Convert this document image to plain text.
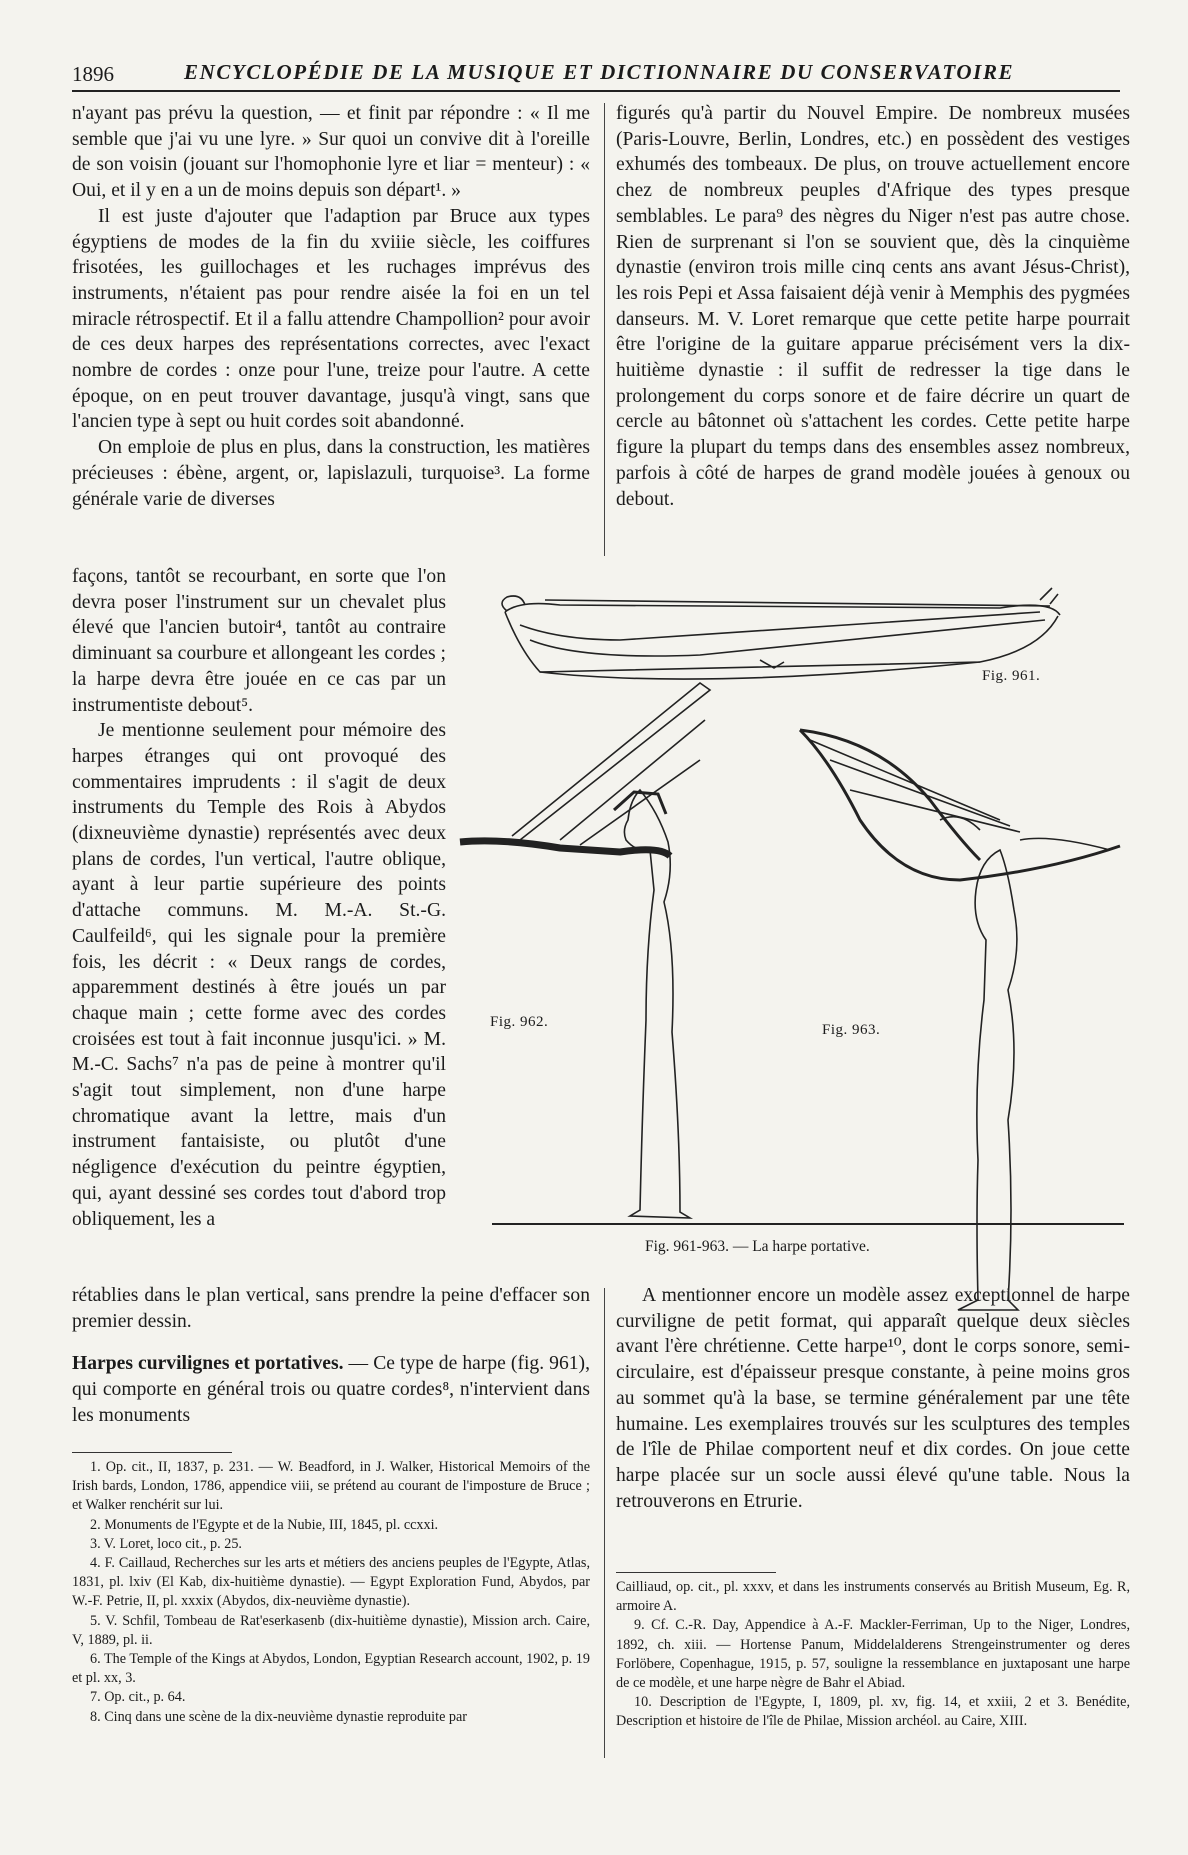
1896	ENCYCLOPÉDIE DE LA MUSIQUE ET DICTIONNAIRE DU CONSERVATOIRE

n'ayant pas prévu la question, — et finit par répondre : « Il me semble que j'ai vu une lyre. » Sur quoi un convive dit à l'oreille de son voisin (jouant sur l'homophonie lyre et liar = menteur) : « Oui, et il y en a un de moins depuis son départ¹. »

Il est juste d'ajouter que l'adaption par Bruce aux types égyptiens de modes de la fin du xviiie siècle, les coiffures frisotées, les guillochages et les ruchages imprévus des instruments, n'étaient pas pour rendre aisée la foi en un tel miracle rétrospectif. Et il a fallu attendre Champollion² pour avoir de ces deux harpes des représentations correctes, avec l'exact nombre de cordes : onze pour l'une, treize pour l'autre. A cette époque, on en peut trouver davantage, jusqu'à vingt, sans que l'ancien type à sept ou huit cordes soit abandonné.

On emploie de plus en plus, dans la construction, les matières précieuses : ébène, argent, or, lapislazuli, turquoise³. La forme générale varie de diverses

façons, tantôt se recourbant, en sorte que l'on devra poser l'instrument sur un chevalet plus élevé que l'ancien butoir⁴, tantôt au contraire diminuant sa courbure et allongeant les cordes ; la harpe devra être jouée en ce cas par un instrumentiste debout⁵.

Je mentionne seulement pour mémoire des harpes étranges qui ont provoqué des commentaires imprudents : il s'agit de deux instruments du Temple des Rois à Abydos (dixneuvième dynastie) représentés avec deux plans de cordes, l'un vertical, l'autre oblique, ayant à leur partie supérieure des points d'attache communs. M. M.-A. St.-G. Caulfeild⁶, qui les signale pour la première fois, les décrit : « Deux rangs de cordes, apparemment destinés à être joués un par chaque main ; cette forme avec des cordes croisées est tout à fait inconnue jusqu'ici. » M. M.-C. Sachs⁷ n'a pas de peine à montrer qu'il s'agit tout simplement, non d'une harpe chromatique avant la lettre, mais d'un instrument fantaisiste, ou plutôt d'une négligence d'exécution du peintre égyptien, qui, ayant dessiné ses cordes tout d'abord trop obliquement, les a

rétablies dans le plan vertical, sans prendre la peine d'effacer son premier dessin.

Harpes curvilignes et portatives. — Ce type de harpe (fig. 961), qui comporte en général trois ou quatre cordes⁸, n'intervient dans les monuments

figurés qu'à partir du Nouvel Empire. De nombreux musées (Paris-Louvre, Berlin, Londres, etc.) en possèdent des vestiges exhumés des tombeaux. De plus, on trouve actuellement encore chez de nombreux peuples d'Afrique des types presque semblables. Le para⁹ des nègres du Niger n'est pas autre chose. Rien de surprenant si l'on se souvient que, dès la cinquième dynastie (environ trois mille cinq cents ans avant Jésus-Christ), les rois Pepi et Assa faisaient déjà venir à Memphis des pygmées danseurs. M. V. Loret remarque que cette petite harpe pourrait être l'origine de la guitare apparue précisément vers la dix-huitième dynastie : il suffit de redresser la tige dans le prolongement du corps sonore et de faire décrire un quart de cercle au bâtonnet où s'attachent les cordes. Cette petite harpe figure la plupart du temps dans des ensembles assez nombreux, parfois à côté de harpes de grand modèle jouées à genoux ou debout.

A mentionner encore un modèle assez exceptionnel de harpe curviligne de petit format, qui apparaît quelque deux siècles avant l'ère chrétienne. Cette harpe¹⁰, dont le corps sonore, semi-circulaire, est d'épaisseur presque constante, à peine moins gros au sommet qu'à la base, se termine généralement par une tête humaine. Les exemplaires trouvés sur les sculptures des temples de l'île de Philae comportent neuf et dix cordes. On joue cette harpe placée sur un socle aussi élevé qu'une table. Nous la retrouverons en Etrurie.

Fig. 961.
Fig. 962.	Fig. 963.
Fig. 961-963. — La harpe portative.

1. Op. cit., II, 1837, p. 231. — W. Beadford, in J. Walker, Historical Memoirs of the Irish bards, London, 1786, appendice viii, se prétend au courant de l'imposture de Bruce ; et Walker renchérit sur lui.

2. Monuments de l'Egypte et de la Nubie, III, 1845, pl. ccxxi.

3. V. Loret, loco cit., p. 25.

4. F. Caillaud, Recherches sur les arts et métiers des anciens peuples de l'Egypte, Atlas, 1831, pl. lxiv (El Kab, dix-huitième dynastie). — Egypt Exploration Fund, Abydos, par W.-F. Petrie, II, pl. xxxix (Abydos, dix-neuvième dynastie).

5. V. Schfil, Tombeau de Rat'eserkasenb (dix-huitième dynastie), Mission arch. Caire, V, 1889, pl. ii.

6. The Temple of the Kings at Abydos, London, Egyptian Research account, 1902, p. 19 et pl. xx, 3.

7. Op. cit., p. 64.

8. Cinq dans une scène de la dix-neuvième dynastie reproduite par

Cailliaud, op. cit., pl. xxxv, et dans les instruments conservés au British Museum, Eg. R, armoire A.

9. Cf. C.-R. Day, Appendice à A.-F. Mackler-Ferriman, Up to the Niger, Londres, 1892, ch. xiii. — Hortense Panum, Middelalderens Strengeinstrumenter og deres Forlöbere, Copenhague, 1915, p. 57, souligne la ressemblance en juxtaposant une harpe de ce modèle, et une harpe nègre de Bahr el Abiad.

10. Description de l'Egypte, I, 1809, pl. xv, fig. 14, et xxiii, 2 et 3. Benédite, Description et histoire de l'île de Philae, Mission archéol. au Caire, XIII.
